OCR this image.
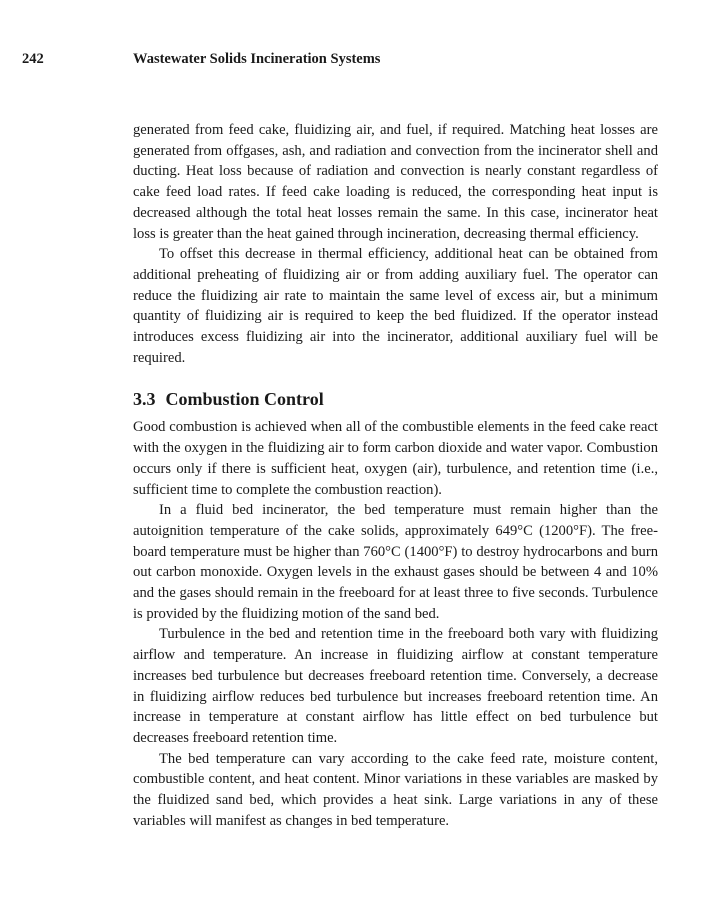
242	Wastewater Solids Incineration Systems

generated from feed cake, fluidizing air, and fuel, if required. Matching heat losses are generated from offgases, ash, and radiation and convection from the incinerator shell and ducting. Heat loss because of radiation and convection is nearly constant regardless of cake feed load rates. If feed cake loading is reduced, the corresponding heat input is decreased although the total heat losses remain the same. In this case, incinerator heat loss is greater than the heat gained through incineration, decreasing thermal efficiency.

To offset this decrease in thermal efficiency, additional heat can be obtained from additional preheating of fluidizing air or from adding auxiliary fuel. The operator can reduce the fluidizing air rate to maintain the same level of excess air, but a minimum quantity of fluidizing air is required to keep the bed fluidized. If the operator instead introduces excess fluidizing air into the incinerator, additional auxiliary fuel will be required.

3.3 Combustion Control

Good combustion is achieved when all of the combustible elements in the feed cake react with the oxygen in the fluidizing air to form carbon dioxide and water vapor. Combustion occurs only if there is sufficient heat, oxygen (air), turbulence, and retention time (i.e., sufficient time to complete the combustion reaction).

In a fluid bed incinerator, the bed temperature must remain higher than the autoignition temperature of the cake solids, approximately 649°C (1200°F). The freeboard temperature must be higher than 760°C (1400°F) to destroy hydrocarbons and burn out carbon monoxide. Oxygen levels in the exhaust gases should be between 4 and 10% and the gases should remain in the freeboard for at least three to five seconds. Turbulence is provided by the fluidizing motion of the sand bed.

Turbulence in the bed and retention time in the freeboard both vary with fluidizing airflow and temperature. An increase in fluidizing airflow at constant temperature increases bed turbulence but decreases freeboard retention time. Conversely, a decrease in fluidizing airflow reduces bed turbulence but increases freeboard retention time. An increase in temperature at constant airflow has little effect on bed turbulence but decreases freeboard retention time.

The bed temperature can vary according to the cake feed rate, moisture content, combustible content, and heat content. Minor variations in these variables are masked by the fluidized sand bed, which provides a heat sink. Large variations in any of these variables will manifest as changes in bed temperature.
